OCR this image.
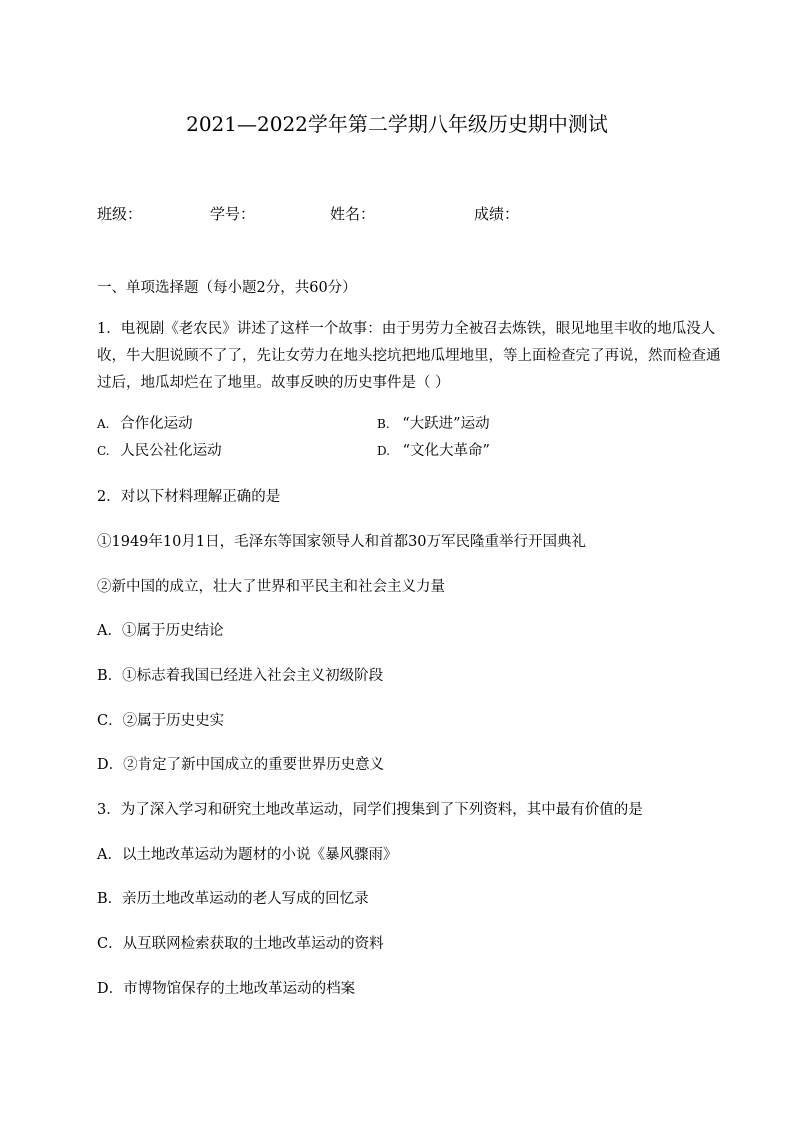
2021—2022学年第二学期八年级历史期中测试
班级：	学号：	姓名：	成绩：
一、单项选择题（每小题2分，共60分）
1．电视剧《老农民》讲述了这样一个故事：由于男劳力全被召去炼铁，眼见地里丰收的地瓜没人
收，牛大胆说顾不了了，先让女劳力在地头挖坑把地瓜埋地里，等上面检查完了再说，然而检查通
过后，地瓜却烂在了地里。故事反映的历史事件是（ ）
A. 合作化运动	B. “大跃进”运动
C. 人民公社化运动	D. “文化大革命”
2．对以下材料理解正确的是
①1949年10月1日，毛泽东等国家领导人和首都30万军民隆重举行开国典礼
②新中国的成立，壮大了世界和平民主和社会主义力量
A．①属于历史结论
B．①标志着我国已经进入社会主义初级阶段
C．②属于历史史实
D．②肯定了新中国成立的重要世界历史意义
3．为了深入学习和研究土地改革运动，同学们搜集到了下列资料，其中最有价值的是
A．以土地改革运动为题材的小说《暴风骤雨》
B．亲历土地改革运动的老人写成的回忆录
C．从互联网检索获取的土地改革运动的资料
D．市博物馆保存的土地改革运动的档案
